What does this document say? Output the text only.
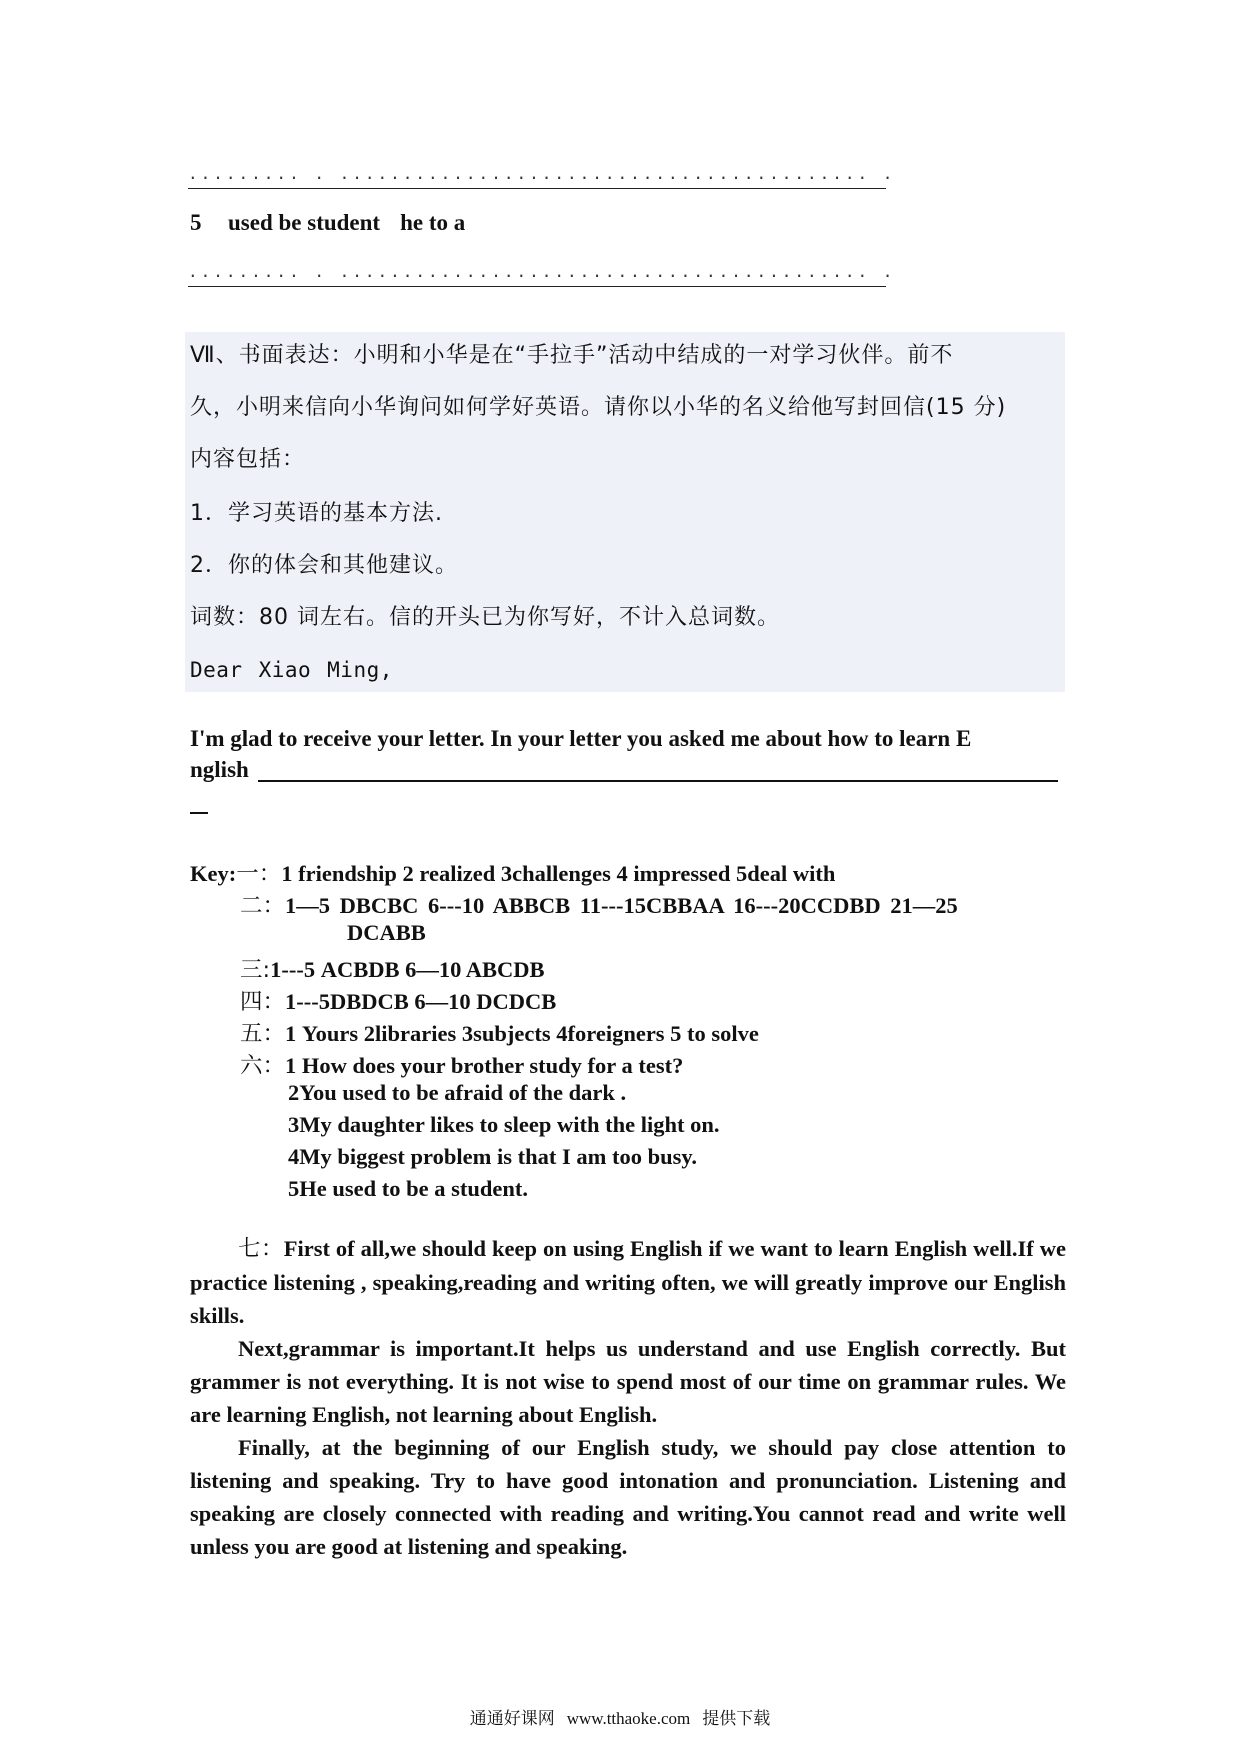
......... . .......................................... .
5 used be student he to a
......... . .......................................... .
Ⅶ、书面表达：小明和小华是在“手拉手”活动中结成的一对学习伙伴。前不
久，小明来信向小华询问如何学好英语。请你以小华的名义给他写封回信(15 分)
内容包括：
1．学习英语的基本方法.
2．你的体会和其他建议。
词数：80 词左右。信的开头已为你写好，不计入总词数。
Dear Xiao Ming,
I'm glad to receive your letter. In your letter you asked me about how to learn E
nglish
Key:一：1 friendship 2 realized 3challenges 4 impressed 5deal with
二：1—5 DBCBC 6---10 ABBCB 11---15CBBAA 16---20CCDBD 21—25
DCABB
三:1---5 ACBDB 6—10 ABCDB
四：1---5DBDCB 6—10 DCDCB
五：1 Yours 2libraries 3subjects 4foreigners 5 to solve
六：1 How does your brother study for a test?
2You used to be afraid of the dark .
3My daughter likes to sleep with the light on.
4My biggest problem is that I am too busy.
5He used to be a student.

七：First of all,we should keep on using English if we want to learn English well.If we practice listening , speaking,reading and writing often, we will greatly improve our English skills.

Next,grammar is important.It helps us understand and use English correctly. But grammer is not everything. It is not wise to spend most of our time on grammar rules. We are learning English, not learning about English.

Finally, at the beginning of our English study, we should pay close attention to listening and speaking. Try to have good intonation and pronunciation. Listening and speaking are closely connected with reading and writing.You cannot read and write well unless you are good at listening and speaking.

通通好课网 www.tthaoke.com 提供下载
